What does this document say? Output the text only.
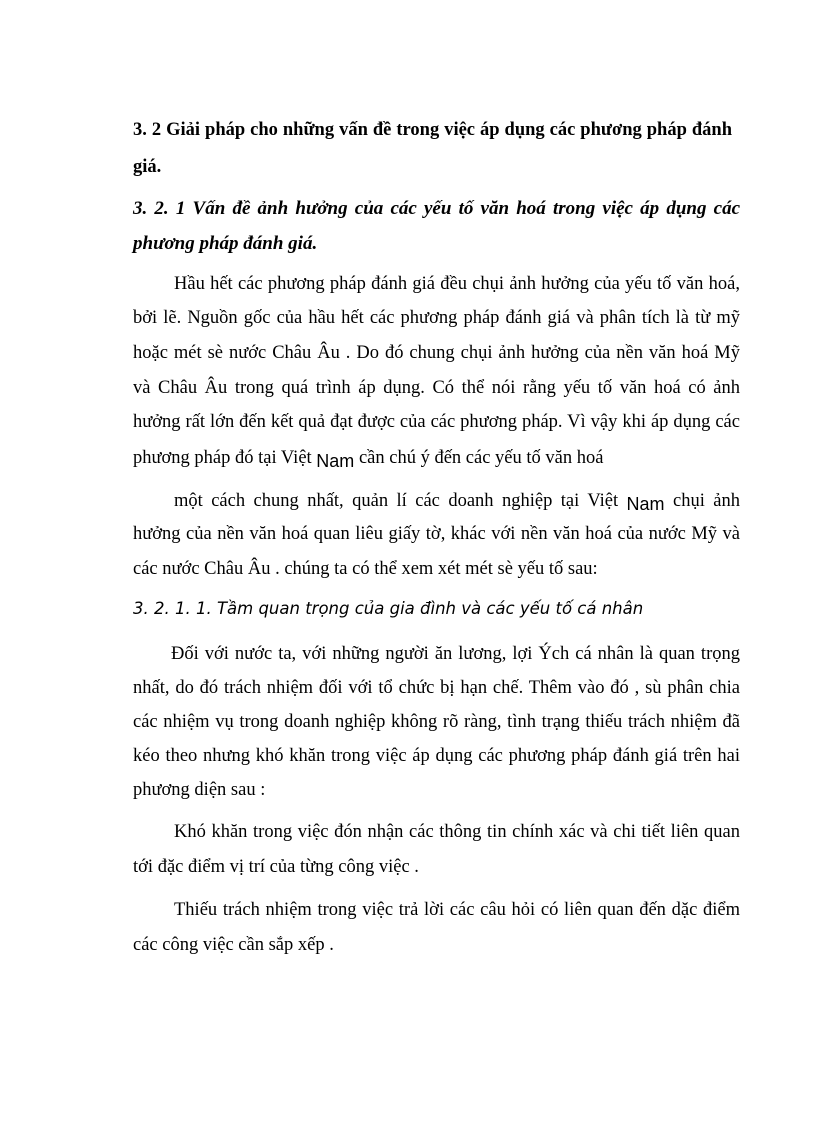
3. 2 Giải pháp cho những vấn đề trong việc áp dụng các phương pháp đánh
giá.
3. 2. 1 Vấn đề ảnh hưởng của các yếu tố văn hoá trong việc áp dụng các
phương pháp đánh giá.
Hầu hết các phương pháp đánh giá đều chụi ảnh hưởng của yếu tố văn hoá,
bởi lẽ. Nguồn gốc của hầu hết các phương pháp đánh giá và phân tích là từ mỹ
hoặc mét sè nước Châu Âu . Do đó chung chụi ảnh hưởng của nền văn hoá Mỹ
và Châu Âu trong quá trình áp dụng. Có thể nói rằng yếu tố văn hoá có ảnh
hưởng rất lớn đến kết quả đạt được của các phương pháp. Vì vậy khi áp dụng các
phương pháp đó tại Việt Nam cần chú ý đến các yếu tố văn hoá
một cách chung nhất, quản lí các doanh nghiệp tại Việt Nam chụi ảnh
hưởng của nền văn hoá quan liêu giấy tờ, khác với nền văn hoá của nước Mỹ và
các nước Châu Âu . chúng ta có thể xem xét mét sè yếu tố sau:
3. 2. 1. 1. Tầm quan trọng của gia đình và các yếu tố cá nhân
Đối với nước ta, với những người ăn lương, lợi Ých cá nhân là quan trọng
nhất, do đó trách nhiệm đối với tổ chức bị hạn chế. Thêm vào đó , sù phân chia
các nhiệm vụ trong doanh nghiệp không rõ ràng, tình trạng thiếu trách nhiệm đã
kéo theo nhưng khó khăn trong việc áp dụng các phương pháp đánh giá trên hai
phương diện sau :
Khó khăn trong việc đón nhận các thông tin chính xác và chi tiết liên quan
tới đặc điểm vị trí của từng công việc .
Thiếu trách nhiệm trong việc trả lời các câu hỏi có liên quan đến dặc điểm
các công việc cần sắp xếp .
